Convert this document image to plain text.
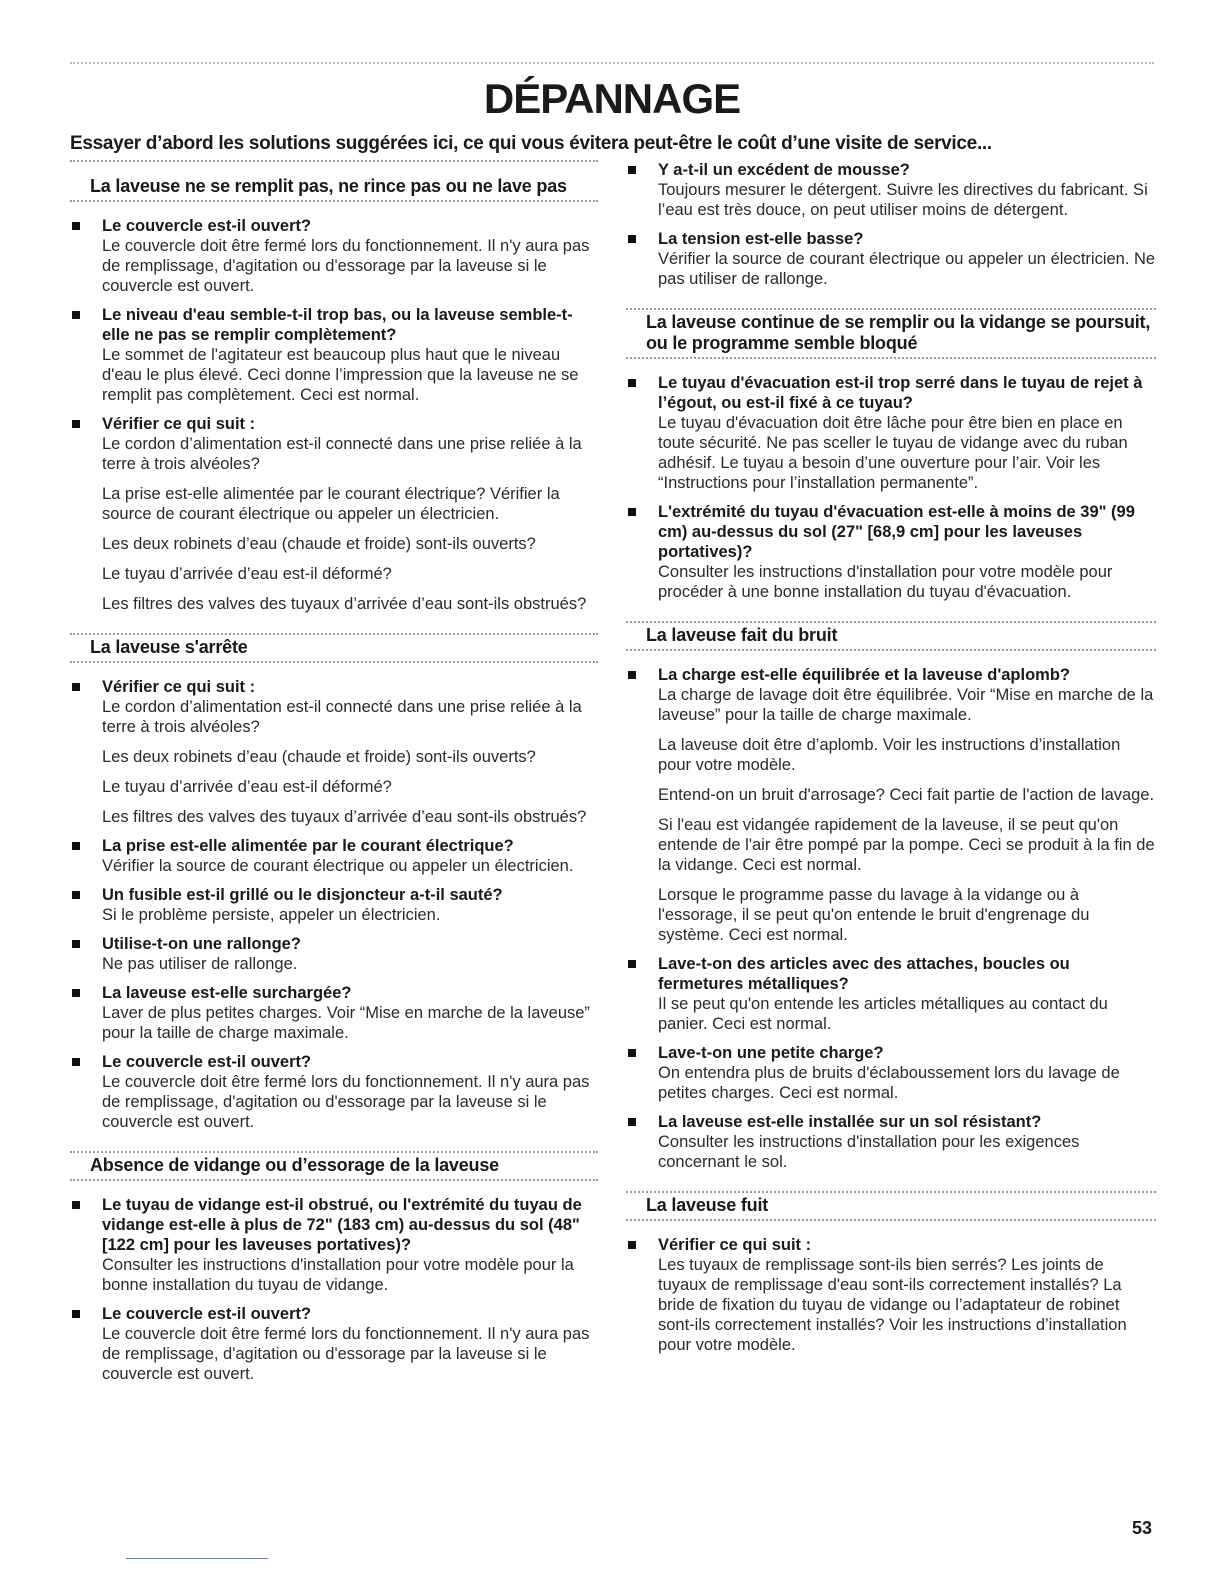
DÉPANNAGE
Essayer d’abord les solutions suggérées ici, ce qui vous évitera peut-être le coût d’une visite de service...
La laveuse ne se remplit pas, ne rince pas ou ne lave pas
Le couvercle est-il ouvert?
Le couvercle doit être fermé lors du fonctionnement. Il n'y aura pas de remplissage, d'agitation ou d'essorage par la laveuse si le couvercle est ouvert.
Le niveau d'eau semble-t-il trop bas, ou la laveuse semble-t-elle ne pas se remplir complètement?
Le sommet de l'agitateur est beaucoup plus haut que le niveau d'eau le plus élevé. Ceci donne l’impression que la laveuse ne se remplit pas complètement. Ceci est normal.
Vérifier ce qui suit :
Le cordon d’alimentation est-il connecté dans une prise reliée à la terre à trois alvéoles?
La prise est-elle alimentée par le courant électrique? Vérifier la source de courant électrique ou appeler un électricien.
Les deux robinets d’eau (chaude et froide) sont-ils ouverts?
Le tuyau d’arrivée d’eau est-il déformé?
Les filtres des valves des tuyaux d’arrivée d’eau sont-ils obstrués?
La laveuse s'arrête
Vérifier ce qui suit :
Le cordon d’alimentation est-il connecté dans une prise reliée à la terre à trois alvéoles?
Les deux robinets d’eau (chaude et froide) sont-ils ouverts?
Le tuyau d’arrivée d’eau est-il déformé?
Les filtres des valves des tuyaux d’arrivée d’eau sont-ils obstrués?
La prise est-elle alimentée par le courant électrique?
Vérifier la source de courant électrique ou appeler un électricien.
Un fusible est-il grillé ou le disjoncteur a-t-il sauté?
Si le problème persiste, appeler un électricien.
Utilise-t-on une rallonge?
Ne pas utiliser de rallonge.
La laveuse est-elle surchargée?
Laver de plus petites charges. Voir “Mise en marche de la laveuse” pour la taille de charge maximale.
Le couvercle est-il ouvert?
Le couvercle doit être fermé lors du fonctionnement. Il n'y aura pas de remplissage, d'agitation ou d'essorage par la laveuse si le couvercle est ouvert.
Absence de vidange ou d’essorage de la laveuse
Le tuyau de vidange est-il obstrué, ou l'extrémité du tuyau de vidange est-elle à plus de 72" (183 cm) au-dessus du sol (48" [122 cm] pour les laveuses portatives)?
Consulter les instructions d'installation pour votre modèle pour la bonne installation du tuyau de vidange.
Le couvercle est-il ouvert?
Le couvercle doit être fermé lors du fonctionnement. Il n'y aura pas de remplissage, d'agitation ou d'essorage par la laveuse si le couvercle est ouvert.
Y a-t-il un excédent de mousse?
Toujours mesurer le détergent. Suivre les directives du fabricant. Si l’eau est très douce, on peut utiliser moins de détergent.
La tension est-elle basse?
Vérifier la source de courant électrique ou appeler un électricien. Ne pas utiliser de rallonge.
La laveuse continue de se remplir ou la vidange se poursuit, ou le programme semble bloqué
Le tuyau d'évacuation est-il trop serré dans le tuyau de rejet à l’égout, ou est-il fixé à ce tuyau?
Le tuyau d'évacuation doit être lâche pour être bien en place en toute sécurité. Ne pas sceller le tuyau de vidange avec du ruban adhésif. Le tuyau a besoin d’une ouverture pour l’air. Voir les “Instructions pour l’installation permanente”.
L'extrémité du tuyau d'évacuation est-elle à moins de 39" (99 cm) au-dessus du sol (27" [68,9 cm] pour les laveuses portatives)?
Consulter les instructions d'installation pour votre modèle pour procéder à une bonne installation du tuyau d'évacuation.
La laveuse fait du bruit
La charge est-elle équilibrée et la laveuse d'aplomb?
La charge de lavage doit être équilibrée. Voir “Mise en marche de la laveuse” pour la taille de charge maximale.
La laveuse doit être d’aplomb. Voir les instructions d’installation pour votre modèle.
Entend-on un bruit d'arrosage? Ceci fait partie de l'action de lavage.
Si l'eau est vidangée rapidement de la laveuse, il se peut qu'on entende de l'air être pompé par la pompe. Ceci se produit à la fin de la vidange. Ceci est normal.
Lorsque le programme passe du lavage à la vidange ou à l'essorage, il se peut qu'on entende le bruit d'engrenage du système. Ceci est normal.
Lave-t-on des articles avec des attaches, boucles ou fermetures métalliques?
Il se peut qu'on entende les articles métalliques au contact du panier. Ceci est normal.
Lave-t-on une petite charge?
On entendra plus de bruits d'éclaboussement lors du lavage de petites charges. Ceci est normal.
La laveuse est-elle installée sur un sol résistant?
Consulter les instructions d'installation pour les exigences concernant le sol.
La laveuse fuit
Vérifier ce qui suit :
Les tuyaux de remplissage sont-ils bien serrés? Les joints de tuyaux de remplissage d'eau sont-ils correctement installés? La bride de fixation du tuyau de vidange ou l’adaptateur de robinet sont-ils correctement installés? Voir les instructions d’installation pour votre modèle.
53
